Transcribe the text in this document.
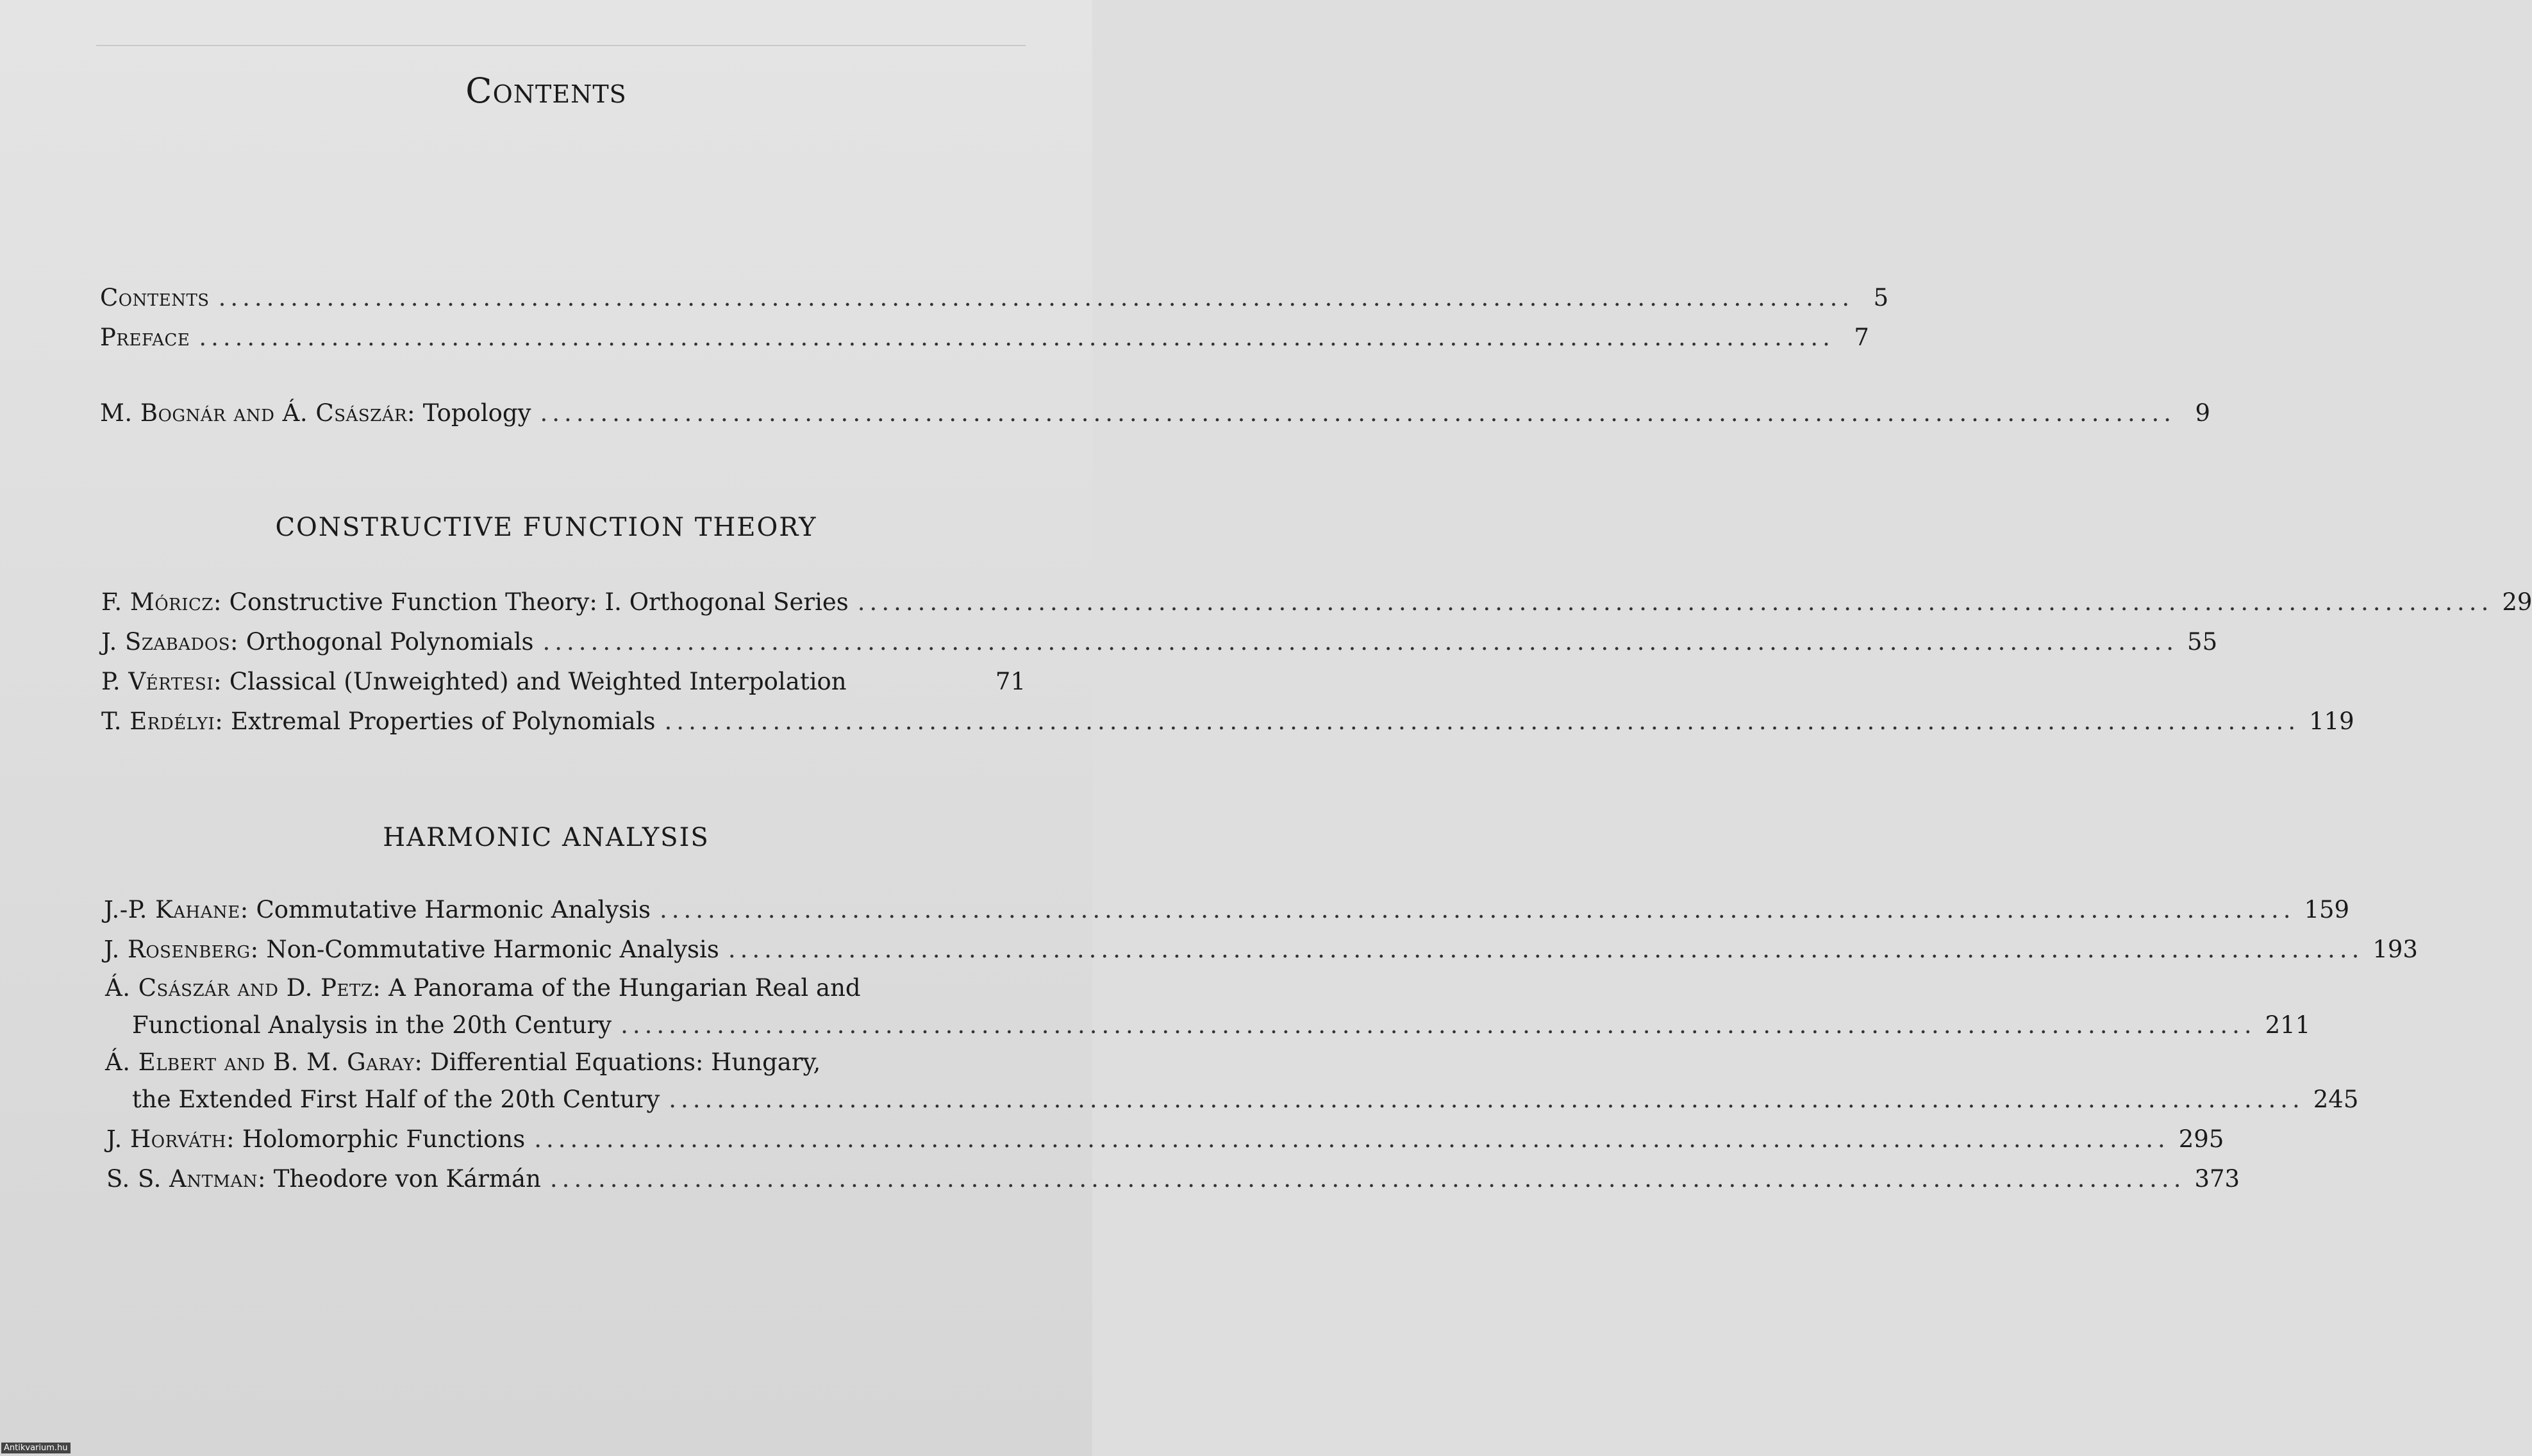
Contents
Contents ........................................................................................................................................ 5
Preface ........................................................................................................................................ 7
M. Bognár and Á. Császár: Topology ........................................................................................................................................ 9
CONSTRUCTIVE FUNCTION THEORY
F. Móricz: Constructive Function Theory: I. Orthogonal Series ........................................................................................................................................ 29
J. Szabados: Orthogonal Polynomials ........................................................................................................................................ 55
P. Vértesi: Classical (Unweighted) and Weighted Interpolation	71
T. Erdélyi: Extremal Properties of Polynomials ........................................................................................................................................ 119
HARMONIC ANALYSIS
J.-P. Kahane: Commutative Harmonic Analysis ........................................................................................................................................ 159
J. Rosenberg: Non-Commutative Harmonic Analysis ........................................................................................................................................ 193
Á. Császár and D. Petz: A Panorama of the Hungarian Real and
Functional Analysis in the 20th Century ........................................................................................................................................ 211
Á. Elbert and B. M. Garay: Differential Equations: Hungary,
the Extended First Half of the 20th Century ........................................................................................................................................ 245
J. Horváth: Holomorphic Functions ........................................................................................................................................ 295
S. S. Antman: Theodore von Kármán ........................................................................................................................................ 373
Antikvarium.hu
